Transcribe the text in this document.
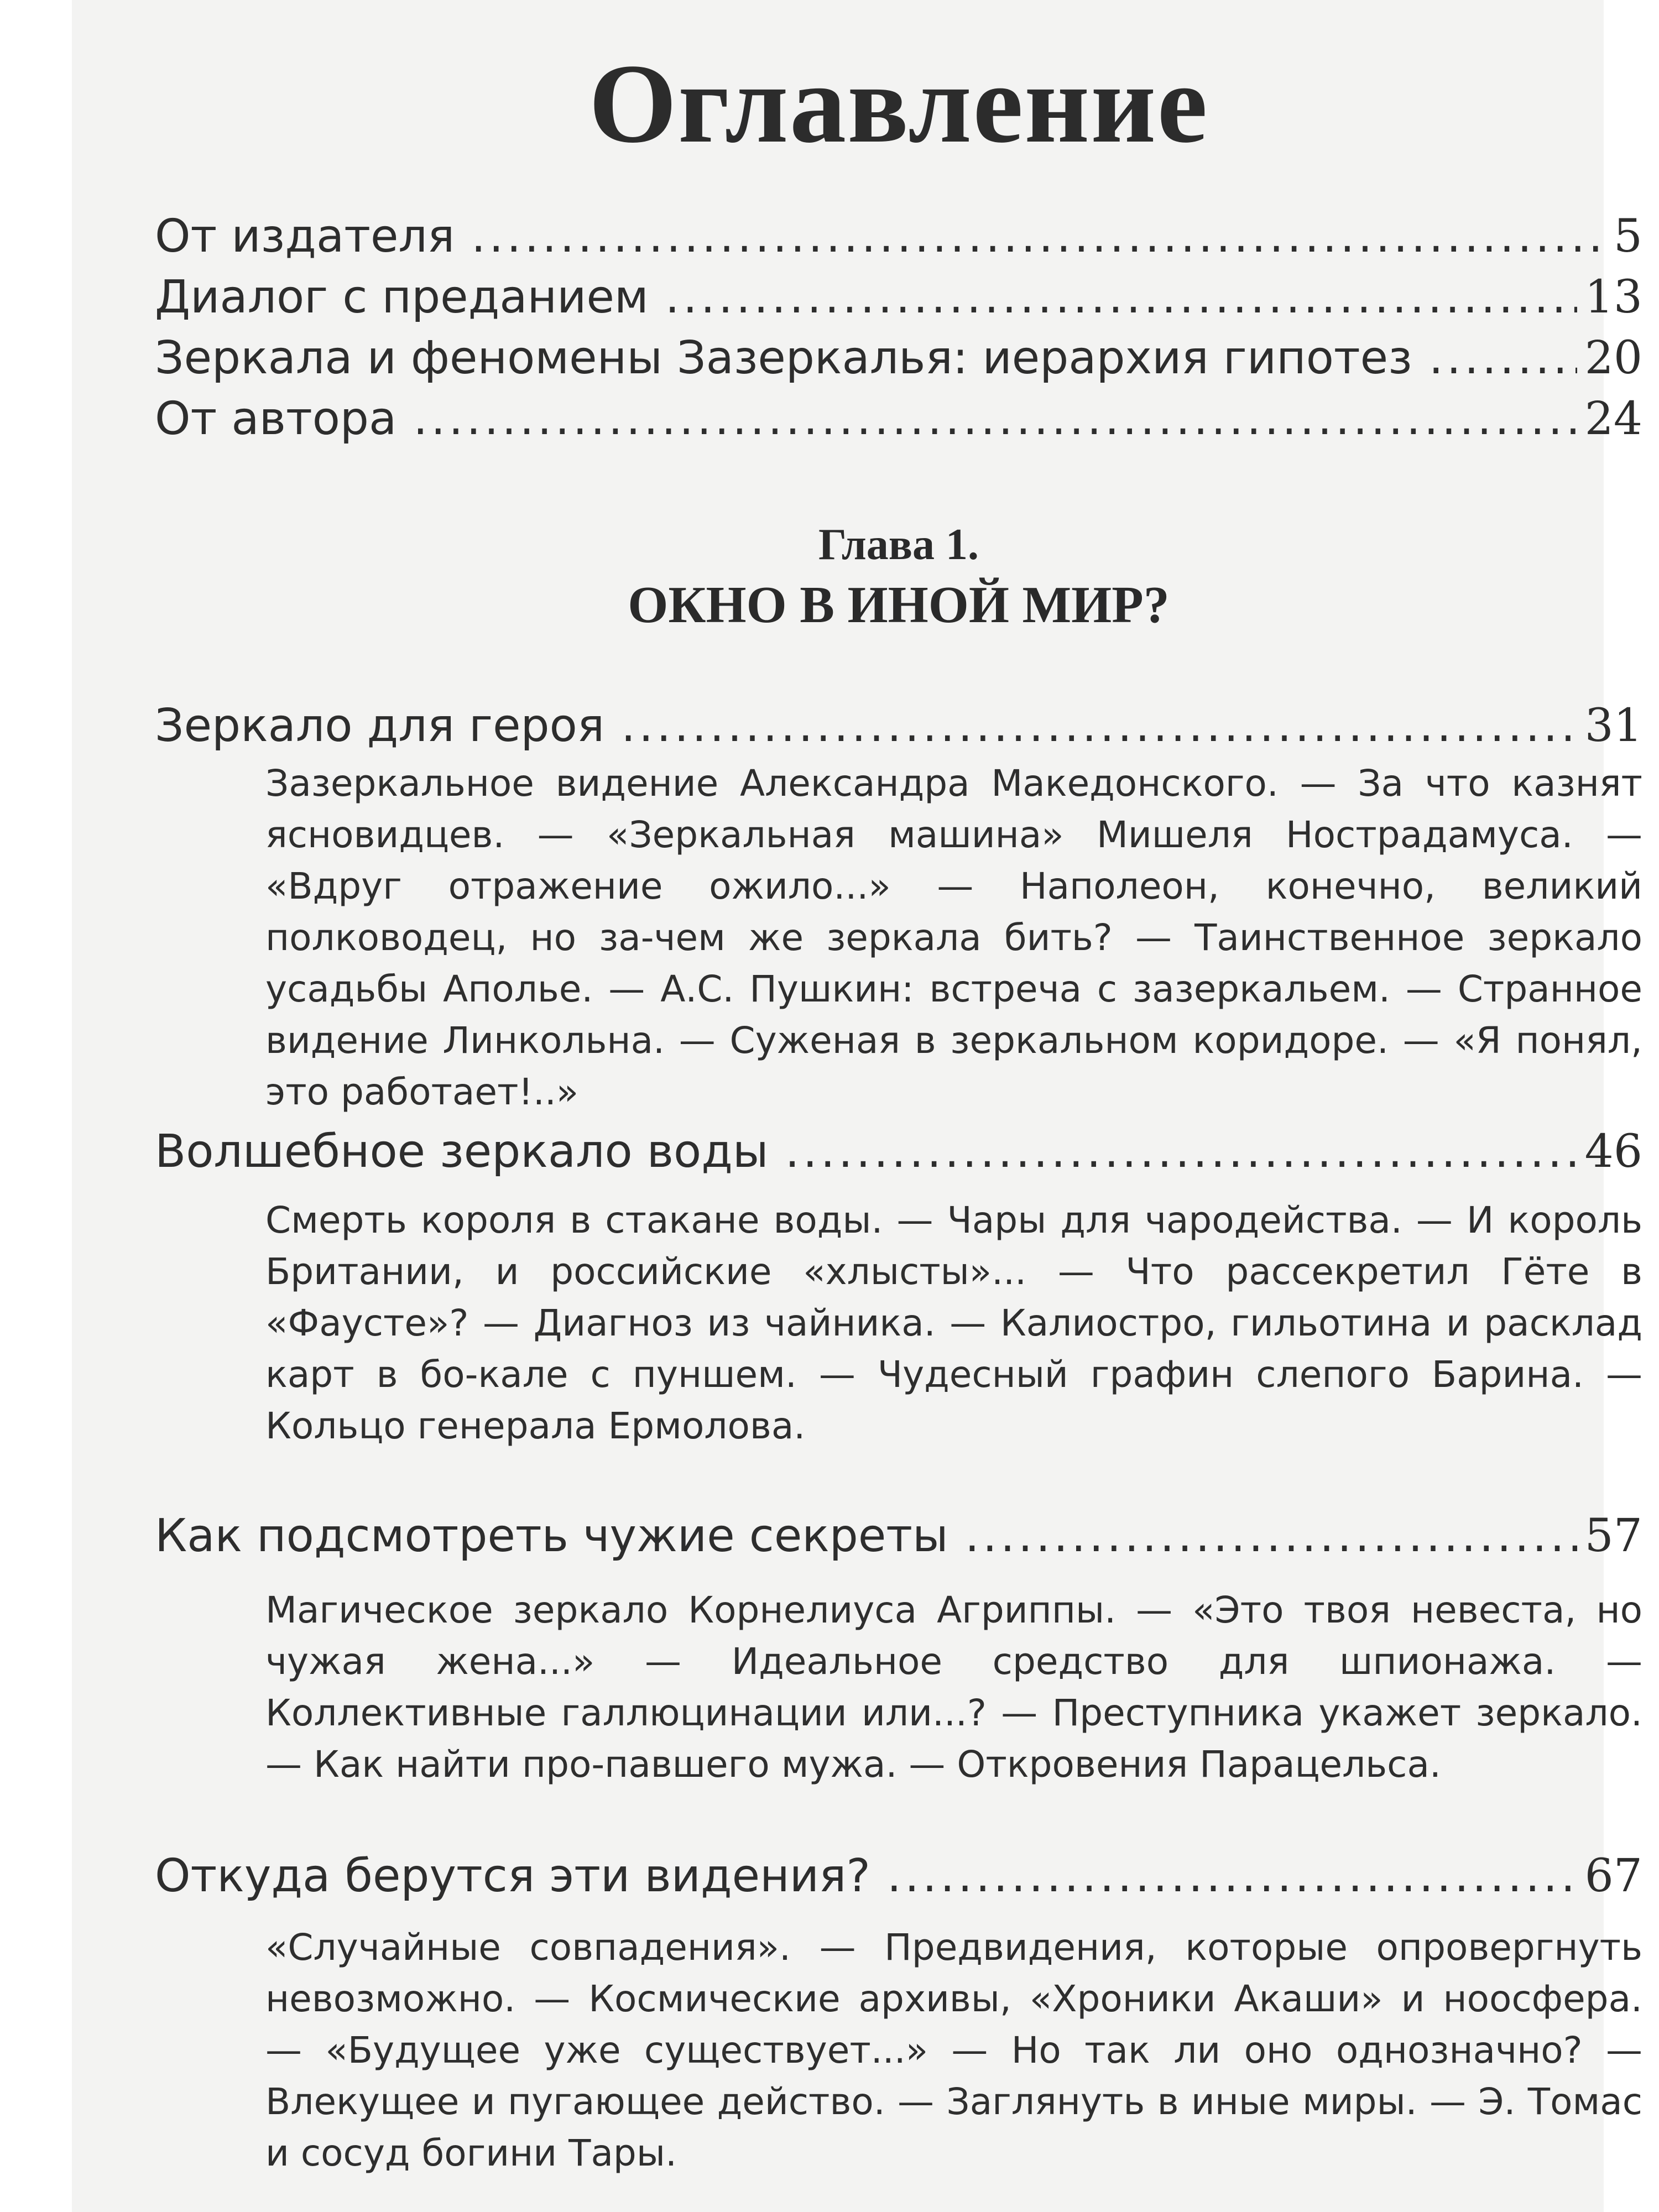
Оглавление
От издателя .....	5
Диалог с преданием .....	13
Зеркала и феномены Зазеркалья: иерархия гипотез .....	20
От автора .....	24
Глава 1.
ОКНО В ИНОЙ МИР?
Зеркало для героя .....	31
Зазеркальное видение Александра Македонского. — За что казнят ясновидцев. — «Зеркальная машина» Мишеля Нострадамуса. — «Вдруг отражение ожило...» — Наполеон, конечно, великий полководец, но за-чем же зеркала бить? — Таинственное зеркало усадьбы Аполье. — А.С. Пушкин: встреча с зазеркальем. — Странное видение Линкольна. — Суженая в зеркальном коридоре. — «Я понял, это работает!..»
Волшебное зеркало воды .....	46
Смерть короля в стакане воды. — Чары для чародейства. — И король Британии, и российские «хлысты»... — Что рассекретил Гёте в «Фаусте»? — Диагноз из чайника. — Калиостро, гильотина и расклад карт в бо-кале с пуншем. — Чудесный графин слепого Барина. — Кольцо генерала Ермолова.
Как подсмотреть чужие секреты .....	57
Магическое зеркало Корнелиуса Агриппы. — «Это твоя невеста, но чужая жена...» — Идеальное средство для шпионажа. — Коллективные галлюцинации или...? — Преступника укажет зеркало. — Как найти про-павшего мужа. — Откровения Парацельса.
Откуда берутся эти видения? .....	67
«Случайные совпадения». — Предвидения, которые опровергнуть невозможно. — Космические архивы, «Хроники Акаши» и ноосфера. — «Будущее уже существует...» — Но так ли оно однозначно? — Влекущее и пугающее действо. — Заглянуть в иные миры. — Э. Томас и сосуд богини Тары.
